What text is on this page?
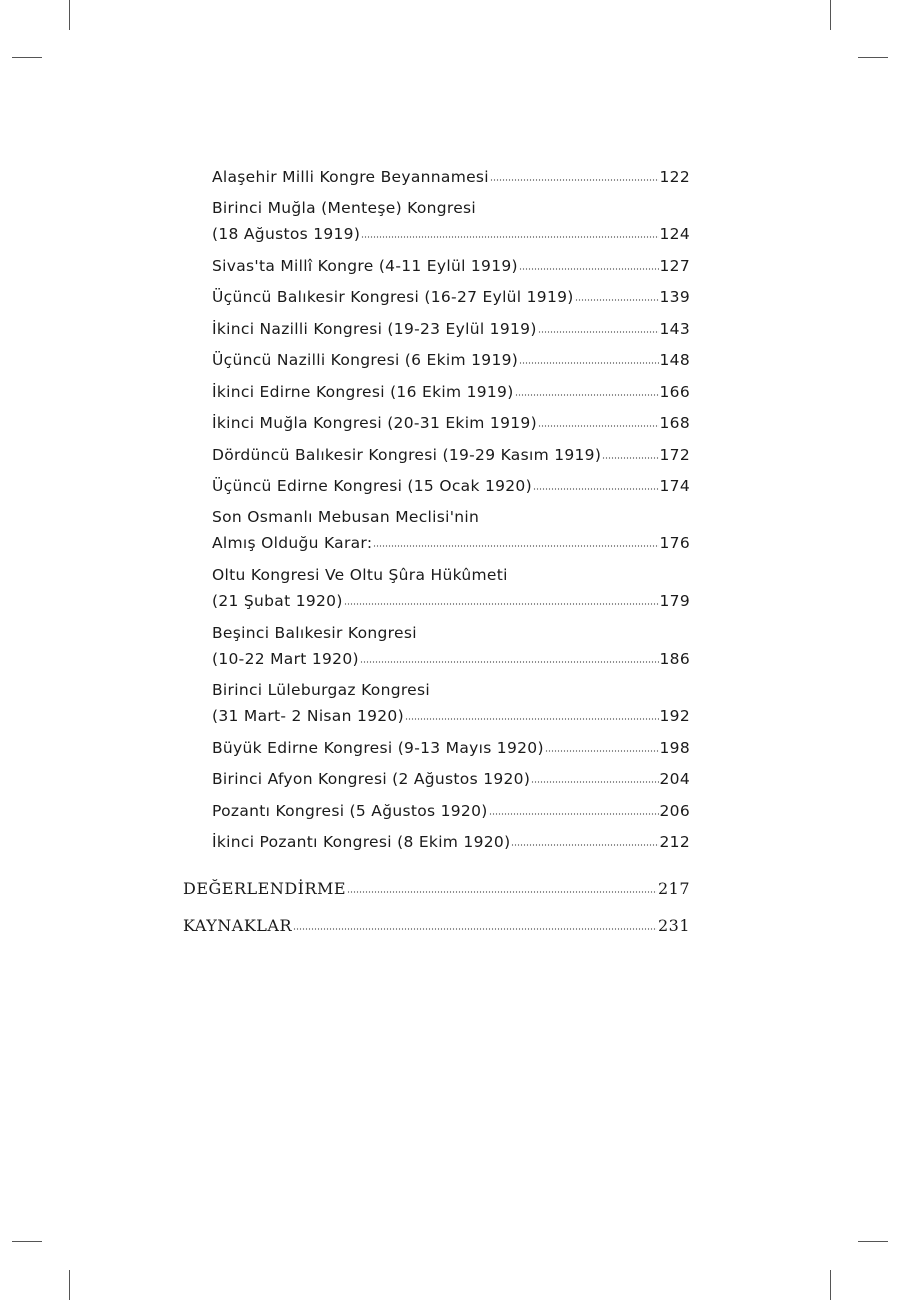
Alaşehir Milli Kongre Beyannamesi	122
Birinci Muğla (Menteşe) Kongresi
(18 Ağustos 1919)	124
Sivas'ta Millî Kongre (4-11 Eylül 1919)	127
Üçüncü Balıkesir Kongresi (16-27 Eylül 1919)	139
İkinci Nazilli Kongresi (19-23 Eylül 1919)	143
Üçüncü Nazilli Kongresi (6 Ekim 1919)	148
İkinci Edirne Kongresi (16 Ekim 1919)	166
İkinci Muğla Kongresi (20-31 Ekim 1919)	168
Dördüncü Balıkesir Kongresi (19-29 Kasım 1919)	172
Üçüncü Edirne Kongresi (15 Ocak 1920)	174
Son Osmanlı Mebusan Meclisi'nin
Almış Olduğu Karar:	176
Oltu Kongresi Ve Oltu Şûra Hükûmeti
(21 Şubat 1920)	179
Beşinci Balıkesir Kongresi
(10-22 Mart 1920)	186
Birinci Lüleburgaz Kongresi
(31 Mart- 2 Nisan 1920)	192
Büyük Edirne Kongresi (9-13 Mayıs 1920)	198
Birinci Afyon Kongresi (2 Ağustos 1920)	204
Pozantı Kongresi (5 Ağustos 1920)	206
İkinci Pozantı Kongresi (8 Ekim 1920)	212
DEĞERLENDİRME	217
KAYNAKLAR	231
